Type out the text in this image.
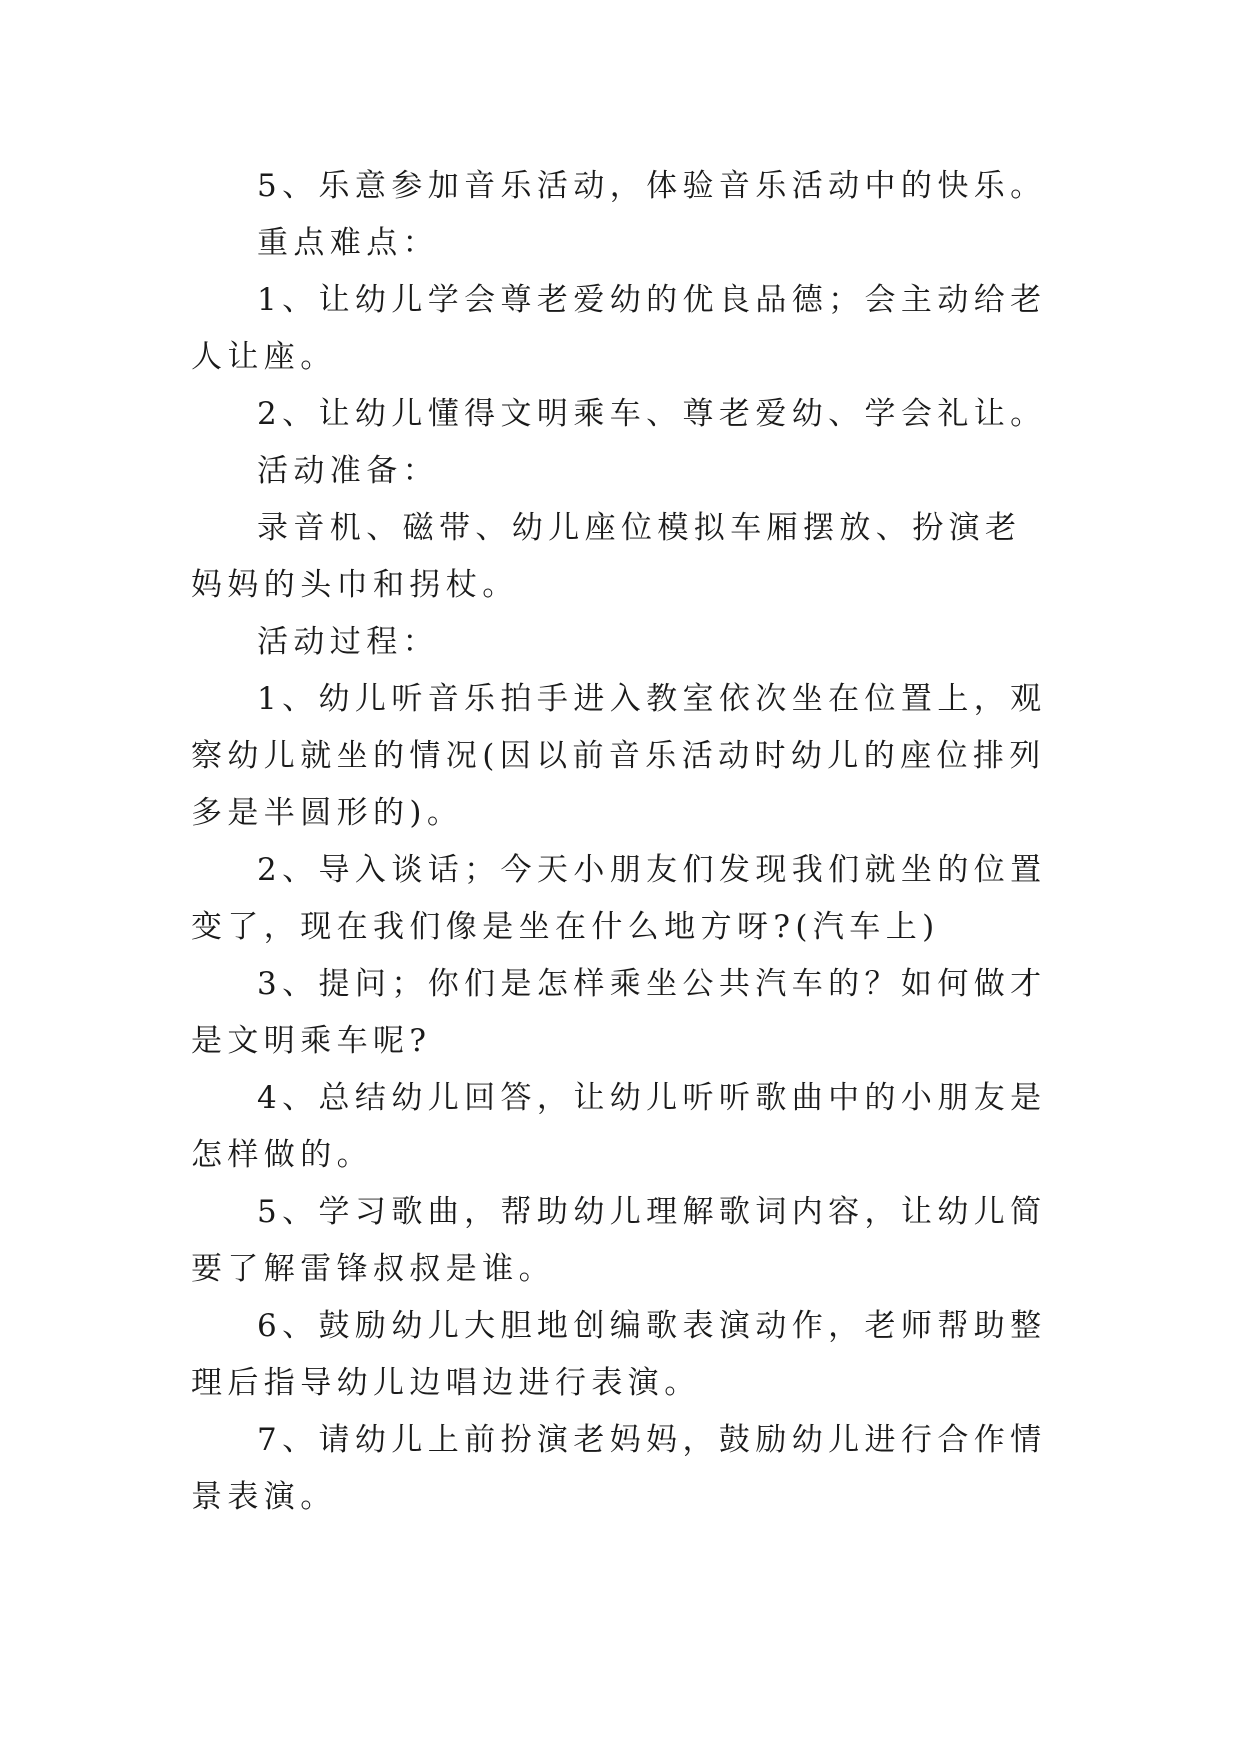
5、乐意参加音乐活动，体验音乐活动中的快乐。

重点难点：

1、让幼儿学会尊老爱幼的优良品德；会主动给老人让座。

2、让幼儿懂得文明乘车、尊老爱幼、学会礼让。

活动准备：

录音机、磁带、幼儿座位模拟车厢摆放、扮演老妈妈的头巾和拐杖。

活动过程：

1、幼儿听音乐拍手进入教室依次坐在位置上，观察幼儿就坐的情况(因以前音乐活动时幼儿的座位排列多是半圆形的)。

2、导入谈话；今天小朋友们发现我们就坐的位置变了，现在我们像是坐在什么地方呀?(汽车上)

3、提问；你们是怎样乘坐公共汽车的？如何做才是文明乘车呢?

4、总结幼儿回答，让幼儿听听歌曲中的小朋友是怎样做的。

5、学习歌曲，帮助幼儿理解歌词内容，让幼儿简要了解雷锋叔叔是谁。

6、鼓励幼儿大胆地创编歌表演动作，老师帮助整理后指导幼儿边唱边进行表演。

7、请幼儿上前扮演老妈妈，鼓励幼儿进行合作情景表演。
